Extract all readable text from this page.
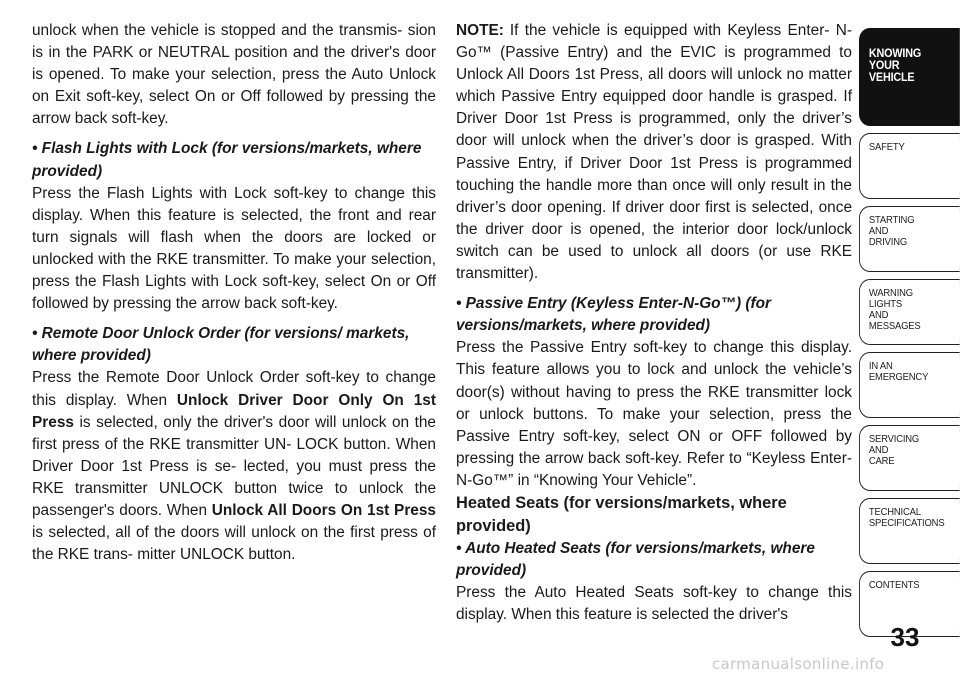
unlock when the vehicle is stopped and the transmis- sion is in the PARK or NEUTRAL position and the driver's door is opened. To make your selection, press the Auto Unlock on Exit soft-key, select On or Off followed by pressing the arrow back soft-key.

• Flash Lights with Lock (for versions/markets, where provided)

Press the Flash Lights with Lock soft-key to change this display. When this feature is selected, the front and rear turn signals will flash when the doors are locked or unlocked with the RKE transmitter. To make your selection, press the Flash Lights with Lock soft-key, select On or Off followed by pressing the arrow back soft-key.

• Remote Door Unlock Order (for versions/ markets, where provided)

Press the Remote Door Unlock Order soft-key to change this display. When Unlock Driver Door Only On 1st Press is selected, only the driver's door will unlock on the first press of the RKE transmitter UN- LOCK button. When Driver Door 1st Press is se- lected, you must press the RKE transmitter UNLOCK button twice to unlock the passenger's doors. When Unlock All Doors On 1st Press is selected, all of the doors will unlock on the first press of the RKE trans- mitter UNLOCK button.

NOTE: If the vehicle is equipped with Keyless Enter- N-Go™ (Passive Entry) and the EVIC is programmed to Unlock All Doors 1st Press, all doors will unlock no matter which Passive Entry equipped door handle is grasped. If Driver Door 1st Press is programmed, only the driver’s door will unlock when the driver’s door is grasped. With Passive Entry, if Driver Door 1st Press is programmed touching the handle more than once will only result in the driver’s door opening. If driver door first is selected, once the driver door is opened, the interior door lock/unlock switch can be used to unlock all doors (or use RKE transmitter).

• Passive Entry (Keyless Enter-N-Go™) (for versions/markets, where provided)

Press the Passive Entry soft-key to change this display. This feature allows you to lock and unlock the vehicle’s door(s) without having to press the RKE transmitter lock or unlock buttons. To make your selection, press the Passive Entry soft-key, select ON or OFF followed by pressing the arrow back soft-key. Refer to “Keyless Enter-N-Go™” in “Knowing Your Vehicle”.

Heated Seats (for versions/markets, where provided)

• Auto Heated Seats (for versions/markets, where provided)

Press the Auto Heated Seats soft-key to change this display. When this feature is selected the driver's

KNOWING
YOUR
VEHICLE
SAFETY
STARTING
AND
DRIVING
WARNING
LIGHTS
AND
MESSAGES
IN AN
EMERGENCY
SERVICING
AND
CARE
TECHNICAL
SPECIFICATIONS
CONTENTS
33
carmanualsonline.info
